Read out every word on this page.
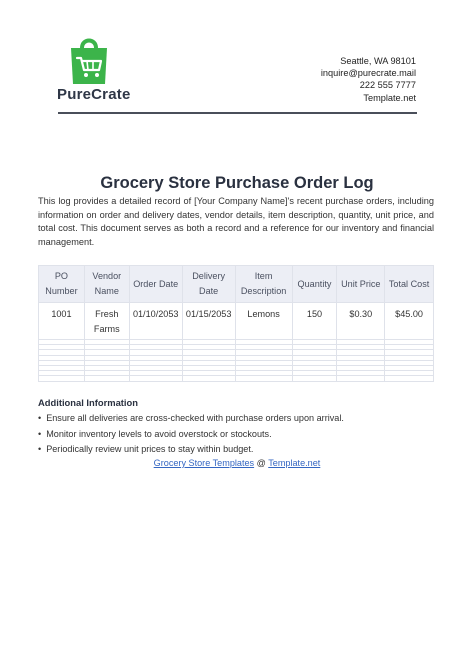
PureCrate
Seattle, WA 98101
inquire@purecrate.mail
222 555 7777
Template.net
Grocery Store Purchase Order Log
This log provides a detailed record of [Your Company Name]'s recent purchase orders, including information on order and delivery dates, vendor details, item description, quantity, unit price, and total cost. This document serves as both a record and a reference for our inventory and financial management.
PO Number	Vendor Name	Order Date	Delivery Date	Item Description	Quantity	Unit Price	Total Cost
1001	Fresh Farms	01/10/2053	01/15/2053	Lemons	150	$0.30	$45.00

Additional Information
• Ensure all deliveries are cross-checked with purchase orders upon arrival.
• Monitor inventory levels to avoid overstock or stockouts.
• Periodically review unit prices to stay within budget.
Grocery Store Templates @ Template.net
